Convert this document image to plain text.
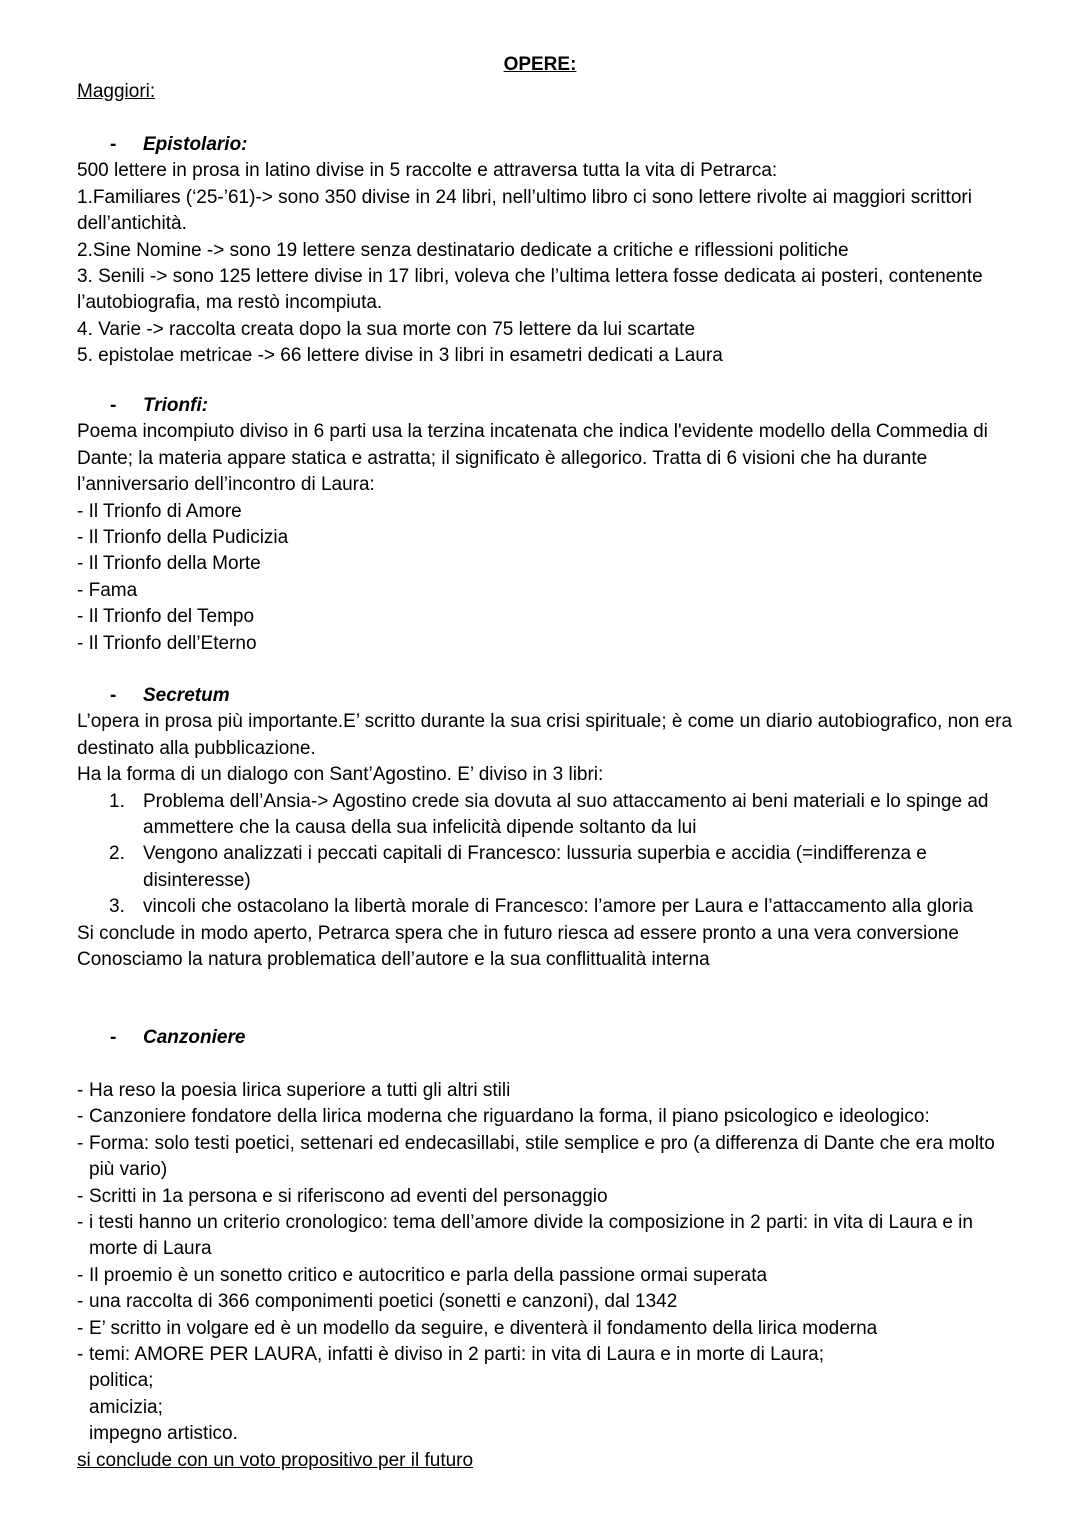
OPERE:
Maggiori:
- Epistolario:

500 lettere in prosa in latino divise in 5 raccolte e attraversa tutta la vita di Petrarca:

1.Familiares (‘25-’61)-> sono 350 divise in 24 libri, nell’ultimo libro ci sono lettere rivolte ai maggiori scrittori dell’antichità.

2.Sine Nomine -> sono 19 lettere senza destinatario dedicate a critiche e riflessioni politiche

3. Senili -> sono 125 lettere divise in 17 libri, voleva che l’ultima lettera fosse dedicata ai posteri, contenente l’autobiografia, ma restò incompiuta.

4. Varie -> raccolta creata dopo la sua morte con 75 lettere da lui scartate

5. epistolae metricae -> 66 lettere divise in 3 libri in esametri dedicati a Laura

- Trionfi:

Poema incompiuto diviso in 6 parti usa la terzina incatenata che indica l'evidente modello della Commedia di Dante; la materia appare statica e astratta; il significato è allegorico. Tratta di 6 visioni che ha durante l’anniversario dell’incontro di Laura:

- Il Trionfo di Amore

- Il Trionfo della Pudicizia

- Il Trionfo della Morte

- Fama

- Il Trionfo del Tempo

- Il Trionfo dell’Eterno

- Secretum

L’opera in prosa più importante.E’ scritto durante la sua crisi spirituale; è come un diario autobiografico, non era destinato alla pubblicazione.

Ha la forma di un dialogo con Sant’Agostino. E’ diviso in 3 libri:

1. Problema dell’Ansia-> Agostino crede sia dovuta al suo attaccamento ai beni materiali e lo spinge ad ammettere che la causa della sua infelicità dipende soltanto da lui
2. Vengono analizzati i peccati capitali di Francesco: lussuria superbia e accidia (=indifferenza e disinteresse)
3. vincoli che ostacolano la libertà morale di Francesco: l’amore per Laura e l’attaccamento alla gloria

Si conclude in modo aperto, Petrarca spera che in futuro riesca ad essere pronto a una vera conversione

Conosciamo la natura problematica dell’autore e la sua conflittualità interna

- Canzoniere
- Ha reso la poesia lirica superiore a tutti gli altri stili
- Canzoniere fondatore della lirica moderna che riguardano la forma, il piano psicologico e ideologico:
- Forma: solo testi poetici, settenari ed endecasillabi, stile semplice e pro (a differenza di Dante che era molto più vario)
- Scritti in 1a persona e si riferiscono ad eventi del personaggio
- i testi hanno un criterio cronologico: tema dell’amore divide la composizione in 2 parti: in vita di Laura e in morte di Laura
- Il proemio è un sonetto critico e autocritico e parla della passione ormai superata
- una raccolta di 366 componimenti poetici (sonetti e canzoni), dal 1342
- E’ scritto in volgare ed è un modello da seguire, e diventerà il fondamento della lirica moderna
- temi: AMORE PER LAURA, infatti è diviso in 2 parti: in vita di Laura e in morte di Laura;
politica;
amicizia;
impegno artistico.
si conclude con un voto propositivo per il futuro
